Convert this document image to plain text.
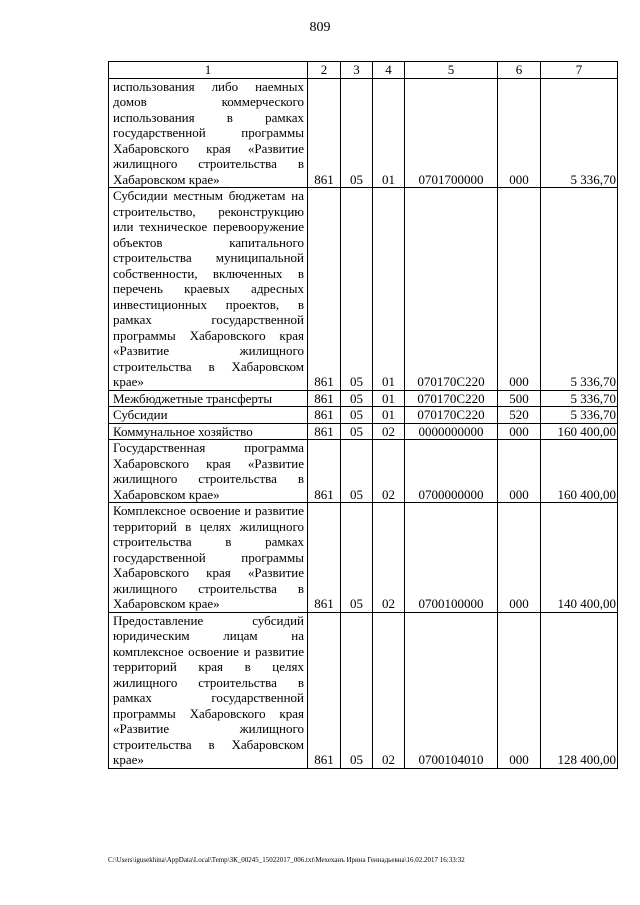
809
1	2	3	4	5	6	7
использования либо наемных домов коммерческого использования в рамках государственной программы Хабаровского края «Развитие жилищного строительства в Хабаровском крае»	861	05	01	0701700000	000	5 336,70
Субсидии местным бюджетам на строительство, реконструкцию или техническое перевооружение объектов капитального строительства муниципальной собственности, включенных в перечень краевых адресных инвестиционных проектов, в рамках государственной программы Хабаровского края «Развитие жилищного строительства в Хабаровском крае»	861	05	01	070170С220	000	5 336,70
Межбюджетные трансферты	861	05	01	070170С220	500	5 336,70
Субсидии	861	05	01	070170С220	520	5 336,70
Коммунальное хозяйство	861	05	02	0000000000	000	160 400,00
Государственная программа Хабаровского края «Развитие жилищного строительства в Хабаровском крае»	861	05	02	0700000000	000	160 400,00
Комплексное освоение и развитие территорий в целях жилищного строительства в рамках государственной программы Хабаровского края «Развитие жилищного строительства в Хабаровском крае»	861	05	02	0700100000	000	140 400,00
Предоставление субсидий юридическим лицам на комплексное освоение и развитие территорий края в целях жилищного строительства в рамках государственной программы Хабаровского края «Развитие жилищного строительства в Хабаровском крае»	861	05	02	0700104010	000	128 400,00
C:\Users\igusekhina\AppData\Local\Temp\ЗК_00245_15022017_006.txt\Мехеханъ Ирина Геннадьевна\16.02.2017 16:33:32
